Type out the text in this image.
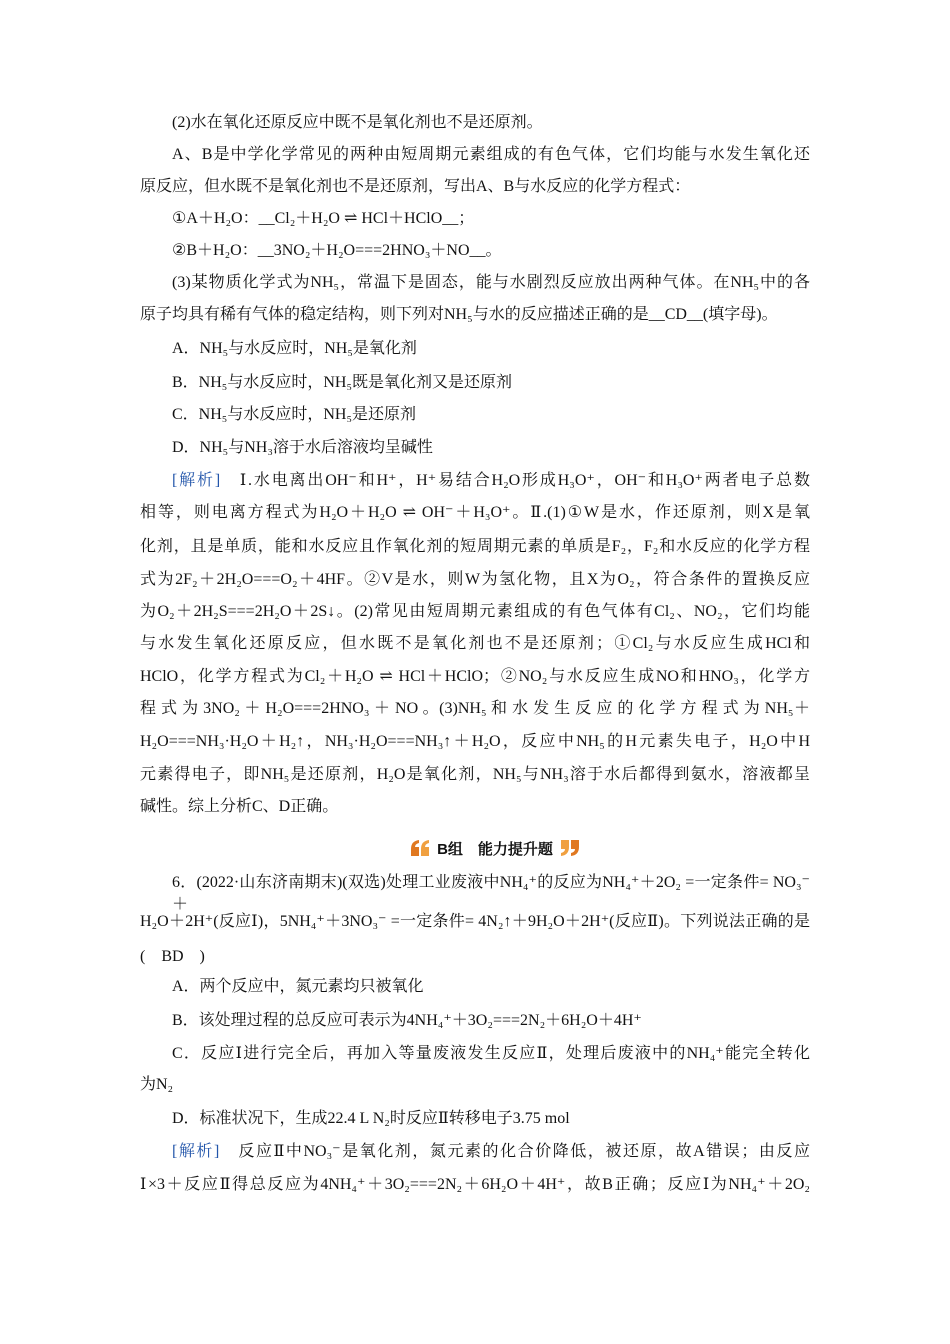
(2)水在氧化还原反应中既不是氧化剂也不是还原剂。
A、B是中学化学常见的两种由短周期元素组成的有色气体，它们均能与水发生氧化还
原反应，但水既不是氧化剂也不是还原剂，写出A、B与水反应的化学方程式：
①A＋H₂O：__Cl₂＋H₂O ⇌ HCl＋HClO__；
②B＋H₂O：__3NO₂＋H₂O===2HNO₃＋NO__。
(3)某物质化学式为NH₅，常温下是固态，能与水剧烈反应放出两种气体。在NH₅中的各
原子均具有稀有气体的稳定结构，则下列对NH₅与水的反应描述正确的是__CD__(填字母)。
A．NH₅与水反应时，NH₅是氧化剂
B．NH₅与水反应时，NH₅既是氧化剂又是还原剂
C．NH₅与水反应时，NH₅是还原剂
D．NH₅与NH₃溶于水后溶液均呈碱性
[解析]　Ⅰ.水电离出OH⁻和H⁺，H⁺易结合H₂O形成H₃O⁺，OH⁻和H₃O⁺两者电子总数
相等，则电离方程式为H₂O＋H₂O ⇌ OH⁻＋H₃O⁺。Ⅱ.(1)①W是水，作还原剂，则X是氧
化剂，且是单质，能和水反应且作氧化剂的短周期元素的单质是F₂，F₂和水反应的化学方程
式为2F₂＋2H₂O===O₂＋4HF。②V是水，则W为氢化物，且X为O₂，符合条件的置换反应
为O₂＋2H₂S===2H₂O＋2S↓。(2)常见由短周期元素组成的有色气体有Cl₂、NO₂，它们均能
与水发生氧化还原反应，但水既不是氧化剂也不是还原剂；①Cl₂与水反应生成HCl和
HClO，化学方程式为Cl₂＋H₂O ⇌ HCl＋HClO；②NO₂与水反应生成NO和HNO₃，化学方
程 式 为 3NO₂ ＋ H₂O===2HNO₃ ＋ NO 。(3)NH₅ 和 水 发 生 反 应 的 化 学 方 程 式 为 NH₅＋
H₂O===NH₃·H₂O＋H₂↑，NH₃·H₂O===NH₃↑＋H₂O，反应中NH₅的H元素失电子，H₂O中H
元素得电子，即NH₅是还原剂，H₂O是氧化剂，NH₅与NH₃溶于水后都得到氨水，溶液都呈
碱性。综上分析C、D正确。
6．(2022·山东济南期末)(双选)处理工业废液中NH₄⁺的反应为NH₄⁺＋2O₂ =一定条件= NO₃⁻＋
H₂O＋2H⁺(反应Ⅰ)，5NH₄⁺＋3NO₃⁻ =一定条件= 4N₂↑＋9H₂O＋2H⁺(反应Ⅱ)。下列说法正确的是
(　BD　)
A．两个反应中，氮元素均只被氧化
B．该处理过程的总反应可表示为4NH₄⁺＋3O₂===2N₂＋6H₂O＋4H⁺
C．反应Ⅰ进行完全后，再加入等量废液发生反应Ⅱ，处理后废液中的NH₄⁺能完全转化
为N₂
D．标准状况下，生成22.4 L N₂时反应Ⅱ转移电子3.75 mol
[解析]　反应Ⅱ中NO₃⁻是氧化剂，氮元素的化合价降低，被还原，故A错误；由反应
Ⅰ×3＋反应Ⅱ得总反应为4NH₄⁺＋3O₂===2N₂＋6H₂O＋4H⁺，故B正确；反应Ⅰ为NH₄⁺＋2O₂
B组　能力提升题
